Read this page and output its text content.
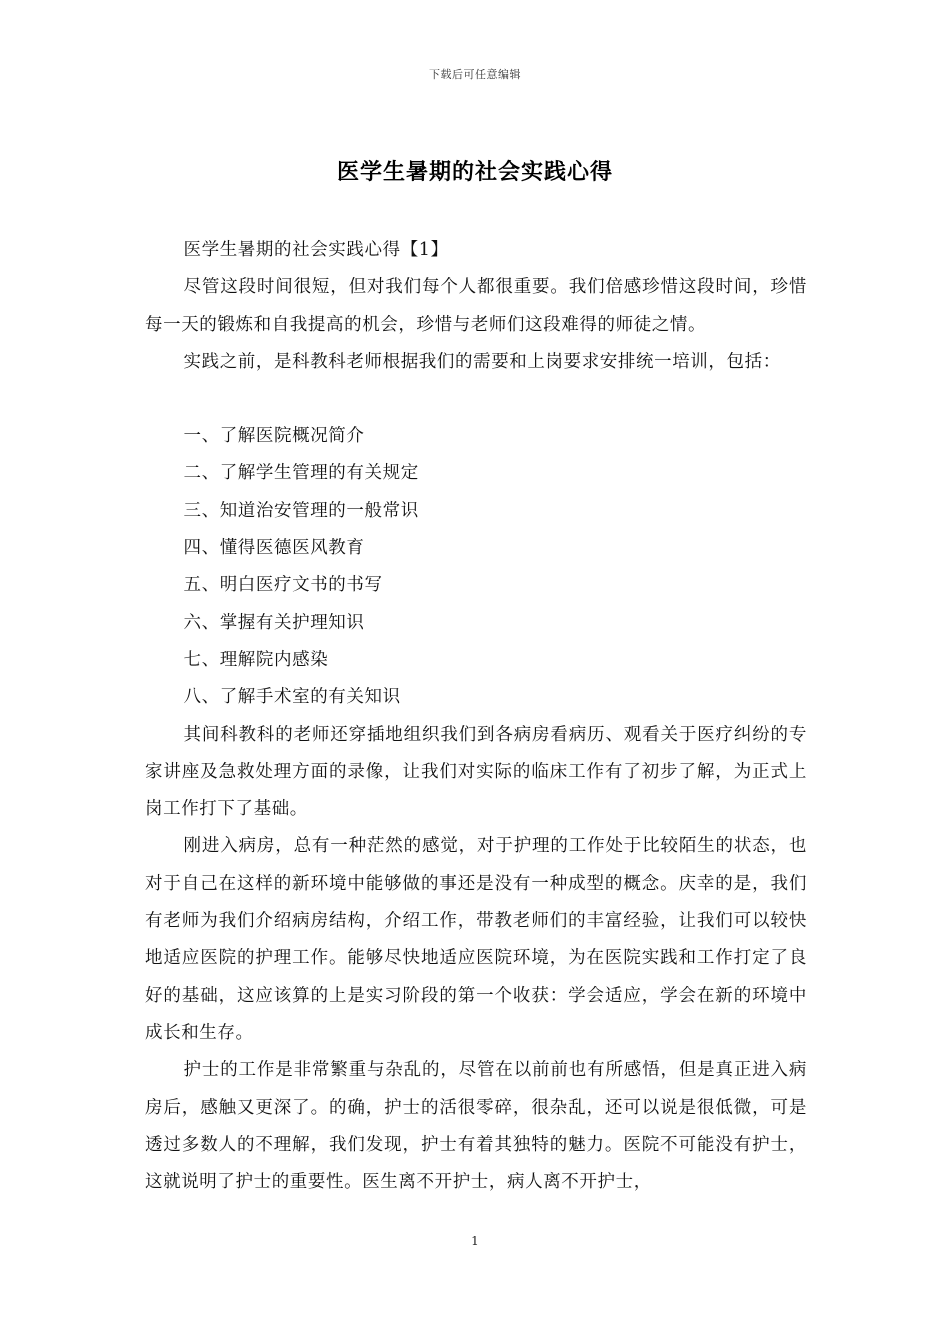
下载后可任意编辑
医学生暑期的社会实践心得

医学生暑期的社会实践心得【1】

尽管这段时间很短，但对我们每个人都很重要。我们倍感珍惜这段时间，珍惜每一天的锻炼和自我提高的机会，珍惜与老师们这段难得的师徒之情。

实践之前，是科教科老师根据我们的需要和上岗要求安排统一培训，包括：

一、了解医院概况简介

二、了解学生管理的有关规定

三、知道治安管理的一般常识

四、懂得医德医风教育

五、明白医疗文书的书写

六、掌握有关护理知识

七、理解院内感染

八、了解手术室的有关知识

其间科教科的老师还穿插地组织我们到各病房看病历、观看关于医疗纠纷的专家讲座及急救处理方面的录像，让我们对实际的临床工作有了初步了解，为正式上岗工作打下了基础。

刚进入病房，总有一种茫然的感觉，对于护理的工作处于比较陌生的状态，也对于自己在这样的新环境中能够做的事还是没有一种成型的概念。庆幸的是，我们有老师为我们介绍病房结构，介绍工作，带教老师们的丰富经验，让我们可以较快地适应医院的护理工作。能够尽快地适应医院环境，为在医院实践和工作打定了良好的基础，这应该算的上是实习阶段的第一个收获：学会适应，学会在新的环境中成长和生存。

护士的工作是非常繁重与杂乱的，尽管在以前前也有所感悟，但是真正进入病房后，感触又更深了。的确，护士的活很零碎，很杂乱，还可以说是很低微，可是透过多数人的不理解，我们发现，护士有着其独特的魅力。医院不可能没有护士，这就说明了护士的重要性。医生离不开护士，病人离不开护士，

1
